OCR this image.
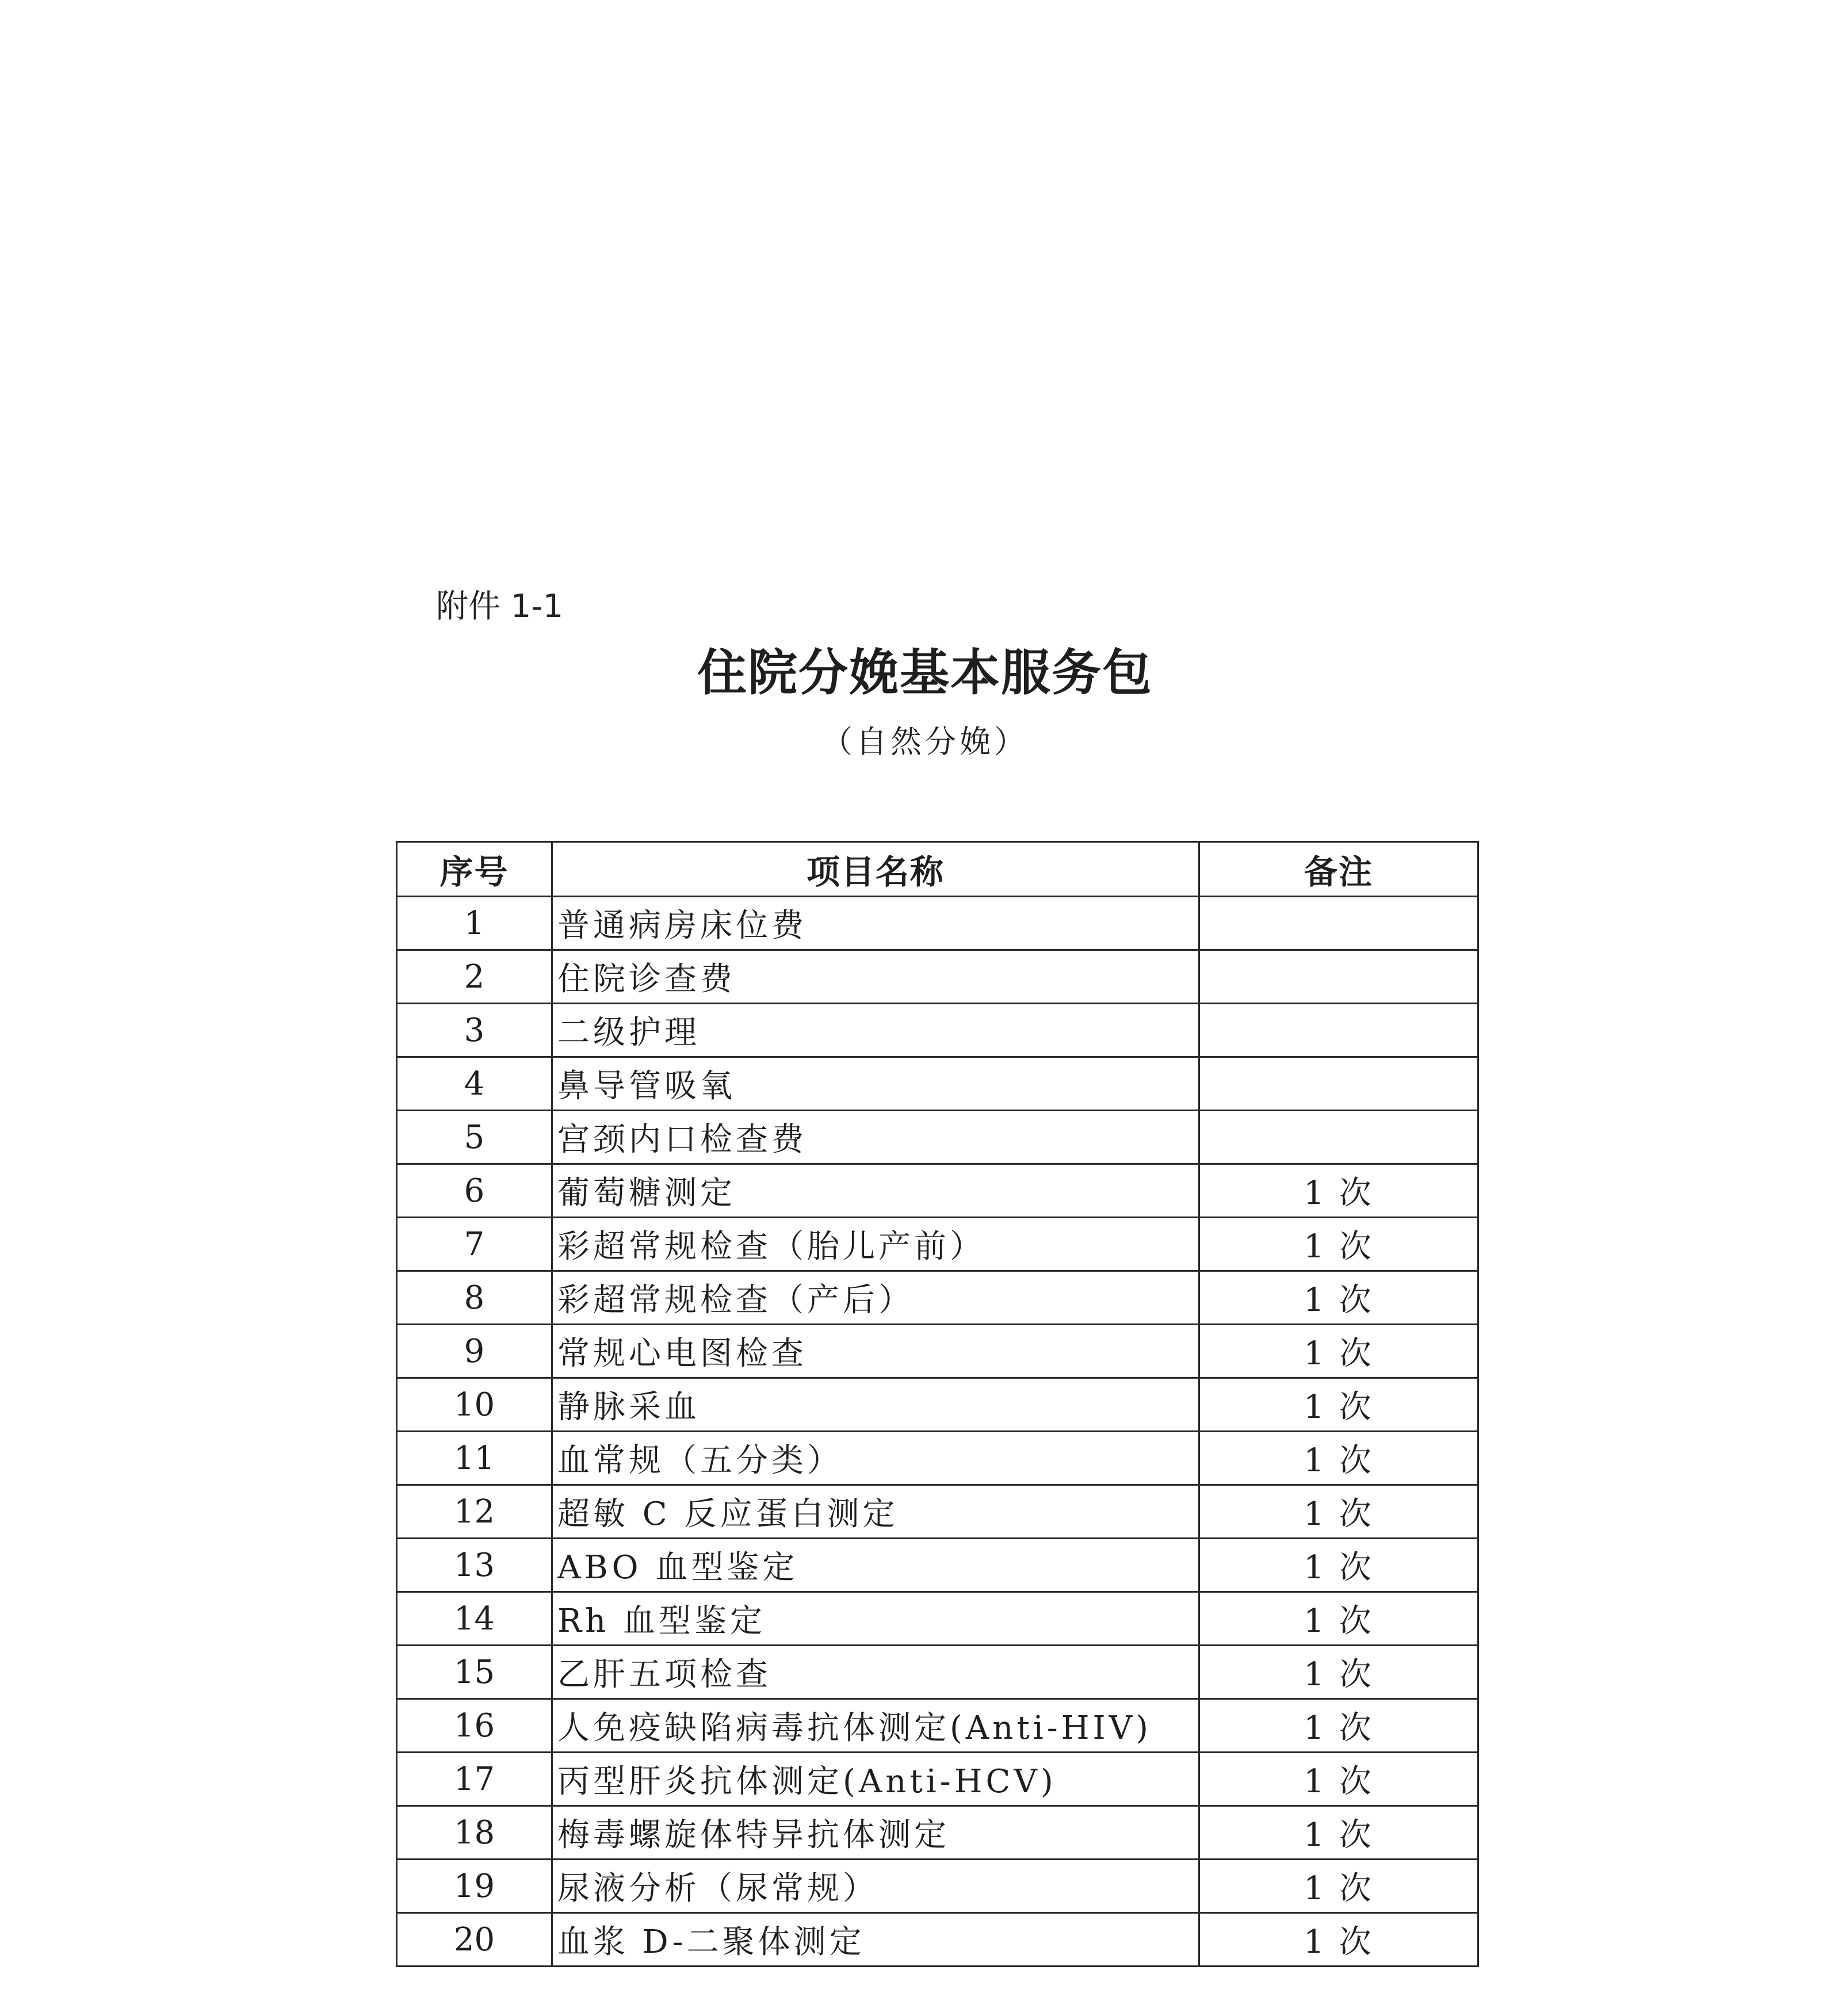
附件 1-1
住院分娩基本服务包
（自然分娩）
序号	项目名称	备注
1	普通病房床位费	
2	住院诊查费	
3	二级护理	
4	鼻导管吸氧	
5	宫颈内口检查费	
6	葡萄糖测定	1 次
7	彩超常规检查（胎儿产前）	1 次
8	彩超常规检查（产后）	1 次
9	常规心电图检查	1 次
10	静脉采血	1 次
11	血常规（五分类）	1 次
12	超敏 C 反应蛋白测定	1 次
13	ABO 血型鉴定	1 次
14	Rh 血型鉴定	1 次
15	乙肝五项检查	1 次
16	人免疫缺陷病毒抗体测定(Anti-HIV)	1 次
17	丙型肝炎抗体测定(Anti-HCV)	1 次
18	梅毒螺旋体特异抗体测定	1 次
19	尿液分析（尿常规）	1 次
20	血浆 D-二聚体测定	1 次
